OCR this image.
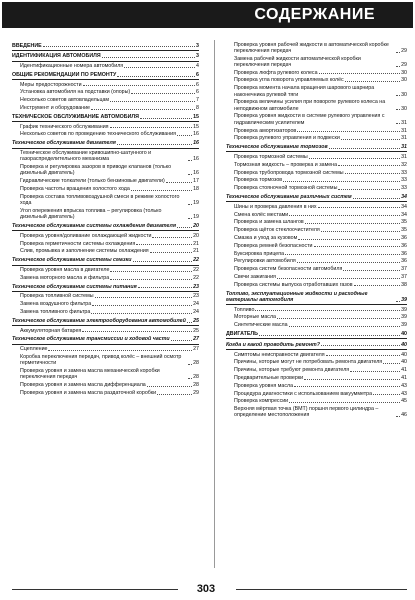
СОДЕРЖАНИЕ
ВВЕДЕНИЕ	3
ИДЕНТИФИКАЦИЯ АВТОМОБИЛЯ	3
Идентификационные номера автомобиля	4
ОБЩИЕ РЕКОМЕНДАЦИИ ПО РЕМОНТУ	6
Меры предосторожности	6
Установка автомобиля на подставки (опоры)	6
Несколько советов автовладельцам	7
Инструмент и оборудование	8
ТЕХНИЧЕСКОЕ ОБСЛУЖИВАНИЕ АВТОМОБИЛЯ	15
График технического обслуживания	15
Несколько советов по проведению технического обслуживания	16
Техническое обслуживание двигателя	16
Техническое обслуживание кривошипно-шатунного и газораспределительного механизма	16
Проверка и регулировка зазоров в приводе клапанов (только дизельный двигатель)	16
Гидравлические толкатели (только бензиновые двигатели)	17
Проверка частоты вращения холостого хода	18
Проверка состава топливовоздушной смеси в режиме холостого хода	19
Угол опережения впрыска топлива – регулировка (только дизельный двигатель)	19
Техническое обслуживание системы охлаждения двигателя	20
Проверка уровня/доливание охлаждающей жидкости	20
Проверка герметичности системы охлаждения	21
Слив, промывка и заполнение системы охлаждения	21
Техническое обслуживание системы смазки	22
Проверка уровня масла в двигателе	22
Замена моторного масла и фильтра	22
Техническое обслуживание системы питания	23
Проверка топливной системы	23
Замена воздушного фильтра	24
Замена топливного фильтра	24
Техническое обслуживание электрооборудования автомобилей 25
Аккумуляторная батарея	25
Техническое обслуживание трансмиссии и ходовой части	27
Сцепление	27
Коробка переключения передач, привод колёс – внешний осмотр герметичности	28
Проверка уровня и замена масла механической коробки переключения передач	28
Проверка уровня и замена масла дифференциала	28
Проверка уровня и замена масла раздаточной коробки	29
Проверка уровня рабочей жидкости в автоматической коробке переключения передач	29
Замена рабочей жидкости автоматической коробки переключения передач	29
Проверка люфта рулевого колеса	30
Проверка угла поворота управляемых колёс	30
Проверка момента начала вращения шарового шарнира наконечника рулевой тяги	30
Проверка величины усилия при повороте рулевого колеса на неподвижном автомобиле	30
Проверка уровня жидкости в системе рулевого управления с гидравлическим усилителем	31
Проверка амортизаторов	31
Проверка рулевого управления и подвески	31
Техническое обслуживание тормозов	31
Проверка тормозной системы	31
Тормозная жидкость – проверка и замена	32
Проверка трубопровода тормозной системы	33
Проверка тормозов	33
Проверка стояночной тормозной системы	33
Техническое обслуживание различных систем	34
Шины и проверка давления в них	34
Смена колёс местами	34
Проверка и замена шлангов	35
Проверка щёток стеклоочистителя	35
Смазка и уход за кузовом	36
Проверка ремней безопасности	36
Буксировка прицепа	36
Регулировки автомобиля	36
Проверка систем безопасности автомобиля	37
Свечи зажигания	37
Проверка системы выпуска отработавших газов	38
Топливо, эксплуатационные жидкости и расходные материалы автомобиля	39
Топливо	39
Моторные масла	39
Синтетические масла	39
ДВИГАТЕЛЬ	40
Когда и какой проводить ремонт?	40
Симптомы неисправности двигателя	40
Причины, которые могут не потребовать ремонта двигателя	40
Причины, которые требуют ремонта двигателя	41
Предварительные проверки	41
Проверка уровня масла	43
Процедура диагностики с использованием вакуумметра	43
Проверка компрессии	45
Верхняя мёртвая точка (ВМТ) поршня первого цилиндра – определение местоположения	46
303
